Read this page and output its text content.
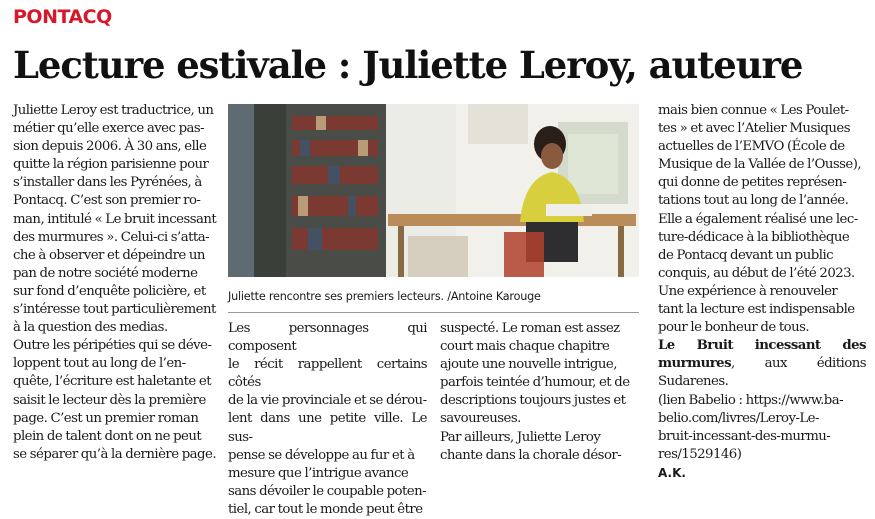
PONTACQ
Lecture estivale : Juliette Leroy, auteure

Juliette Leroy est traductrice, un
métier qu’elle exerce avec pas-
sion depuis 2006. À 30 ans, elle
quitte la région parisienne pour
s’installer dans les Pyrénées, à
Pontacq. C’est son premier ro-
man, intitulé « Le bruit incessant
des murmures ». Celui-ci s’atta-
che à observer et dépeindre un
pan de notre société moderne
sur fond d’enquête policière, et
s’intéresse tout particulièrement
à la question des medias.

Outre les péripéties qui se déve-
loppent tout au long de l’en-
quête, l’écriture est haletante et
saisit le lecteur dès la première
page. C’est un premier roman
plein de talent dont on ne peut
se séparer qu’à la dernière page.

Juliette rencontre ses premiers lecteurs. /Antoine Karouge

Les personnages qui composent
le récit rappellent certains côtés
de la vie provinciale et se dérou-
lent dans une petite ville. Le sus-
pense se développe au fur et à
mesure que l’intrigue avance
sans dévoiler le coupable poten-
tiel, car tout le monde peut être

suspecté. Le roman est assez
court mais chaque chapitre
ajoute une nouvelle intrigue,
parfois teintée d’humour, et de
descriptions toujours justes et
savoureuses.

Par ailleurs, Juliette Leroy
chante dans la chorale désor-

mais bien connue « Les Poulet-
tes » et avec l’Atelier Musiques
actuelles de l’EMVO (École de
Musique de la Vallée de l’Ousse),
qui donne de petites représen-
tations tout au long de l’année.

Elle a également réalisé une lec-
ture-dédicace à la bibliothèque
de Pontacq devant un public
conquis, au début de l’été 2023.
Une expérience à renouveler
tant la lecture est indispensable
pour le bonheur de tous.

Le Bruit incessant des murmures, aux éditions Sudarenes.
(lien Babelio : https://www.ba-
belio.com/livres/Leroy-Le-
bruit-incessant-des-murmu-
res/1529146)

A.K.
